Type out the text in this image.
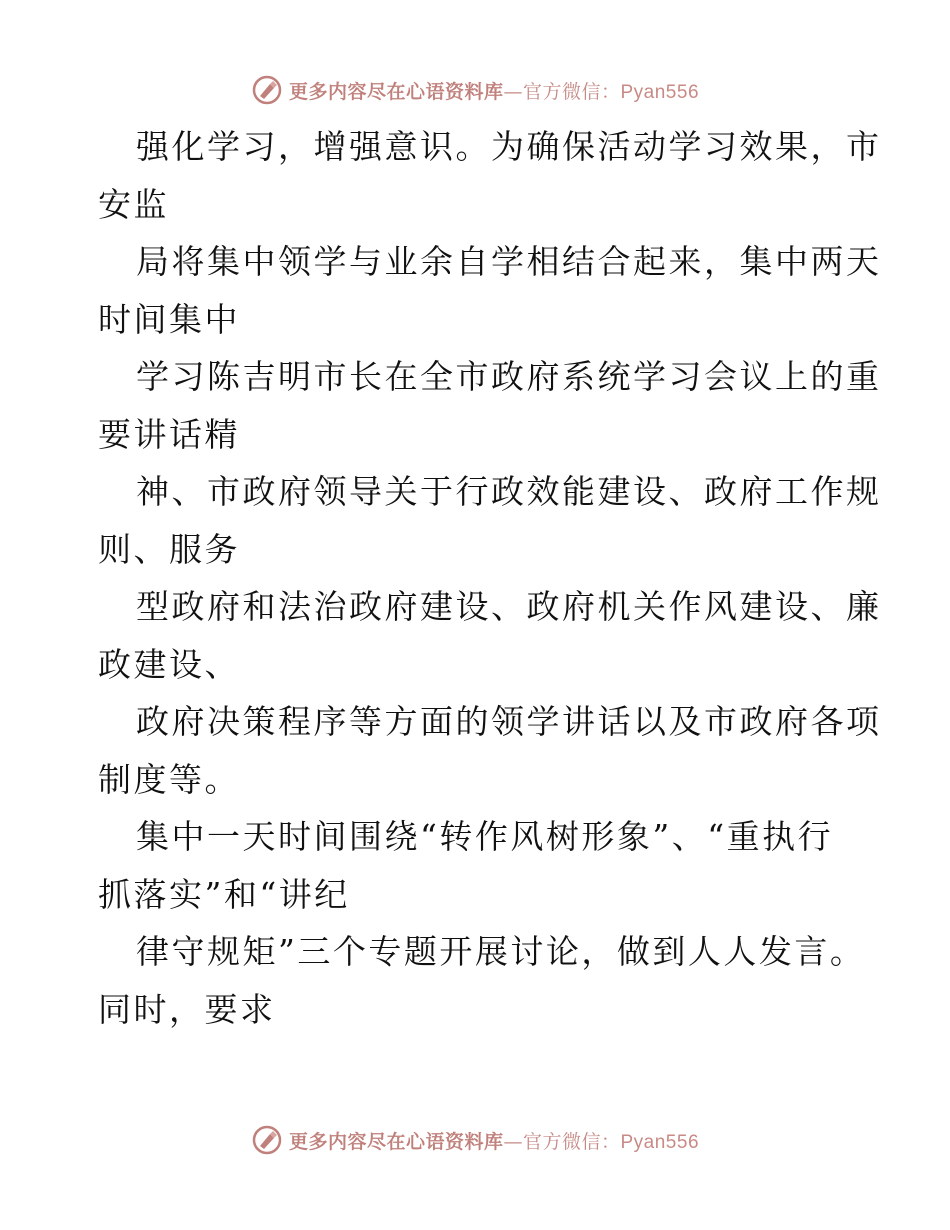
更多内容尽在心语资料库—官方微信：Pyan556
强化学习，增强意识。为确保活动学习效果，市
安监
局将集中领学与业余自学相结合起来，集中两天
时间集中
学习陈吉明市长在全市政府系统学习会议上的重
要讲话精
神、市政府领导关于行政效能建设、政府工作规
则、服务
型政府和法治政府建设、政府机关作风建设、廉
政建设、
政府决策程序等方面的领学讲话以及市政府各项
制度等。
集中一天时间围绕“转作风树形象”、“重执行
抓落实”和“讲纪
律守规矩”三个专题开展讨论，做到人人发言。
同时，要求
更多内容尽在心语资料库—官方微信：Pyan556
